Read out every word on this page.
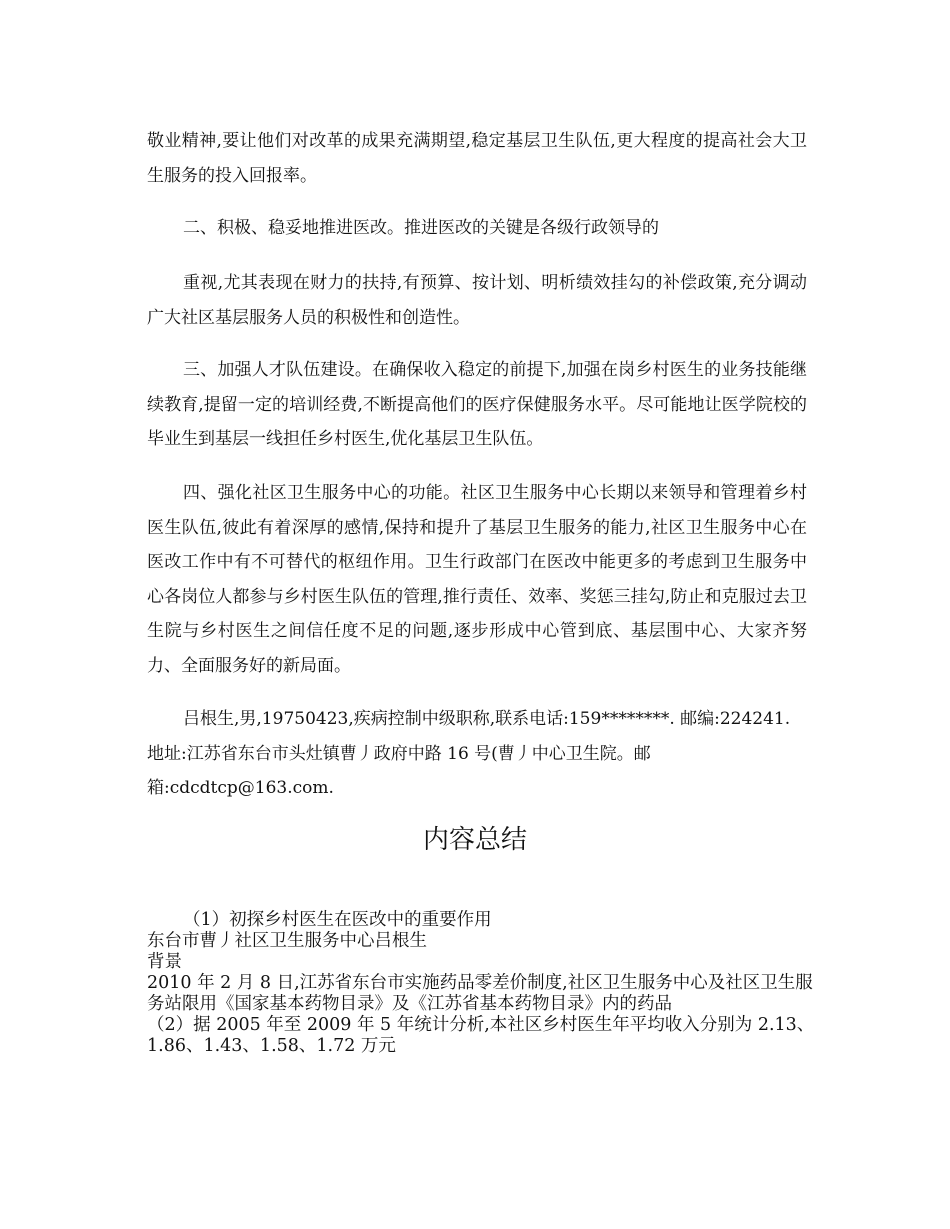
敬业精神,要让他们对改革的成果充满期望,稳定基层卫生队伍,更大程度的提高社会大卫生服务的投入回报率。

二、积极、稳妥地推进医改。推进医改的关键是各级行政领导的

重视,尤其表现在财力的扶持,有预算、按计划、明析绩效挂勾的补偿政策,充分调动广大社区基层服务人员的积极性和创造性。

三、加强人才队伍建设。在确保收入稳定的前提下,加强在岗乡村医生的业务技能继续教育,提留一定的培训经费,不断提高他们的医疗保健服务水平。尽可能地让医学院校的毕业生到基层一线担任乡村医生,优化基层卫生队伍。

四、强化社区卫生服务中心的功能。社区卫生服务中心长期以来领导和管理着乡村医生队伍,彼此有着深厚的感情,保持和提升了基层卫生服务的能力,社区卫生服务中心在医改工作中有不可替代的枢纽作用。卫生行政部门在医改中能更多的考虑到卫生服务中心各岗位人都参与乡村医生队伍的管理,推行责任、效率、奖惩三挂勾,防止和克服过去卫生院与乡村医生之间信任度不足的问题,逐步形成中心管到底、基层围中心、大家齐努力、全面服务好的新局面。

吕根生,男,19750423,疾病控制中级职称,联系电话:159********. 邮编:224241.
地址:江苏省东台市头灶镇曹丿政府中路 16 号(曹丿中心卫生院。邮
箱:cdcdtcp@163.com.
内容总结
（1）初探乡村医生在医改中的重要作用
东台市曹丿社区卫生服务中心吕根生
背景
2010 年 2 月 8 日,江苏省东台市实施药品零差价制度,社区卫生服务中心及社区卫生服务站限用《国家基本药物目录》及《江苏省基本药物目录》内的药品
（2）据 2005 年至 2009 年 5 年统计分析,本社区乡村医生年平均收入分别为 2.13、1.86、1.43、1.58、1.72 万元
